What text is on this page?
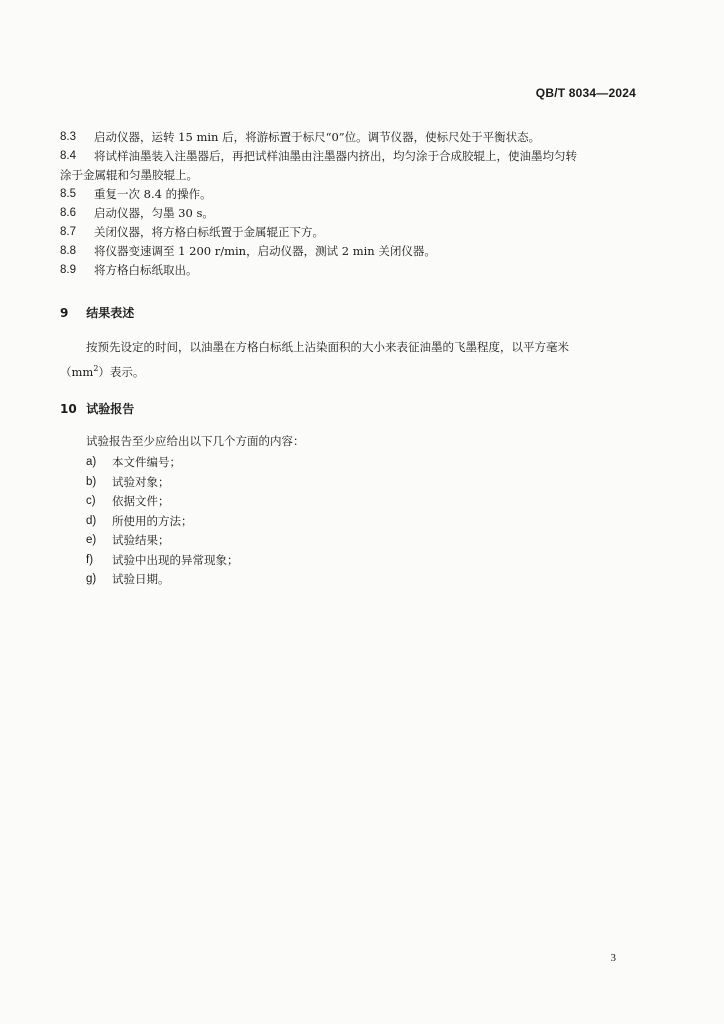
QB/T 8034—2024
8.3	启动仪器，运转 15 min 后，将游标置于标尺“0”位。调节仪器，使标尺处于平衡状态。
8.4	将试样油墨装入注墨器后，再把试样油墨由注墨器内挤出，均匀涂于合成胶辊上，使油墨均匀转
涂于金属辊和匀墨胶辊上。
8.5	重复一次 8.4 的操作。
8.6	启动仪器，匀墨 30 s。
8.7	关闭仪器，将方格白标纸置于金属辊正下方。
8.8	将仪器变速调至 1 200 r/min，启动仪器，测试 2 min 关闭仪器。
8.9	将方格白标纸取出。
9 结果表述
按预先设定的时间，以油墨在方格白标纸上沾染面积的大小来表征油墨的飞墨程度，以平方毫米
$(mm^2)$表示。
10 试验报告
试验报告至少应给出以下几个方面的内容：
a)	本文件编号；
b)	试验对象；
c)	依据文件；
d)	所使用的方法；
e)	试验结果；
f)	试验中出现的异常现象；
g)	试验日期。
3
